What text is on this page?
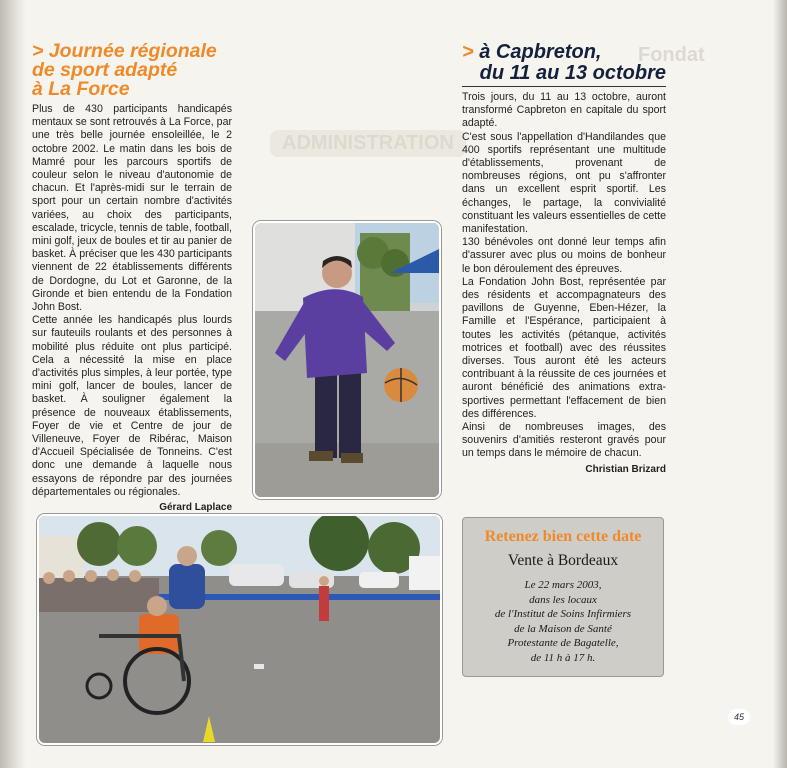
Fondat
ADMINISTRATION
> Journée régionale
de sport adapté
à La Force

Plus de 430 participants handicapés mentaux se sont retrouvés à La Force, par une très belle journée ensoleillée, le 2 octobre 2002. Le matin dans les bois de Mamré pour les parcours sportifs de couleur selon le niveau d'autonomie de chacun. Et l'après-midi sur le terrain de sport pour un certain nombre d'activités variées, au choix des participants, escalade, tricycle, tennis de table, football, mini golf, jeux de boules et tir au panier de basket. À préciser que les 430 participants viennent de 22 établissements différents de Dordogne, du Lot et Garonne, de la Gironde et bien entendu de la Fondation John Bost.

Cette année les handicapés plus lourds sur fauteuils roulants et des personnes à mobilité plus réduite ont plus participé. Cela a nécessité la mise en place d'activités plus simples, à leur portée, type mini golf, lancer de boules, lancer de basket. À souligner également la présence de nouveaux établissements, Foyer de vie et Centre de jour de Villeneuve, Foyer de Ribérac, Maison d'Accueil Spécialisée de Tonneins. C'est donc une demande à laquelle nous essayons de répondre par des journées départementales ou régionales.

Gérard Laplace
> à Capbreton,
du 11 au 13 octobre

Trois jours, du 11 au 13 octobre, auront transformé Capbreton en capitale du sport adapté.

C'est sous l'appellation d'Handilandes que 400 sportifs représentant une multitude d'établissements, provenant de nombreuses régions, ont pu s'affronter dans un excellent esprit sportif. Les échanges, le partage, la convivialité constituant les valeurs essentielles de cette manifestation.

130 bénévoles ont donné leur temps afin d'assurer avec plus ou moins de bonheur le bon déroulement des épreuves.

La Fondation John Bost, représentée par des résidents et accompagnateurs des pavillons de Guyenne, Eben-Hézer, la Famille et l'Espérance, participaient à toutes les activités (pétanque, activités motrices et football) avec des réussites diverses. Tous auront été les acteurs contribuant à la réussite de ces journées et auront bénéficié des animations extra-sportives permettant l'effacement de bien des différences.

Ainsi de nombreuses images, des souvenirs d'amitiés resteront gravés pour un temps dans le mémoire de chacun.

Christian Brizard
Retenez bien cette date
Vente à Bordeaux
Le 22 mars 2003,
dans les locaux
de l'Institut de Soins Infirmiers
de la Maison de Santé
Protestante de Bagatelle,
de 11 h à 17 h.
45
